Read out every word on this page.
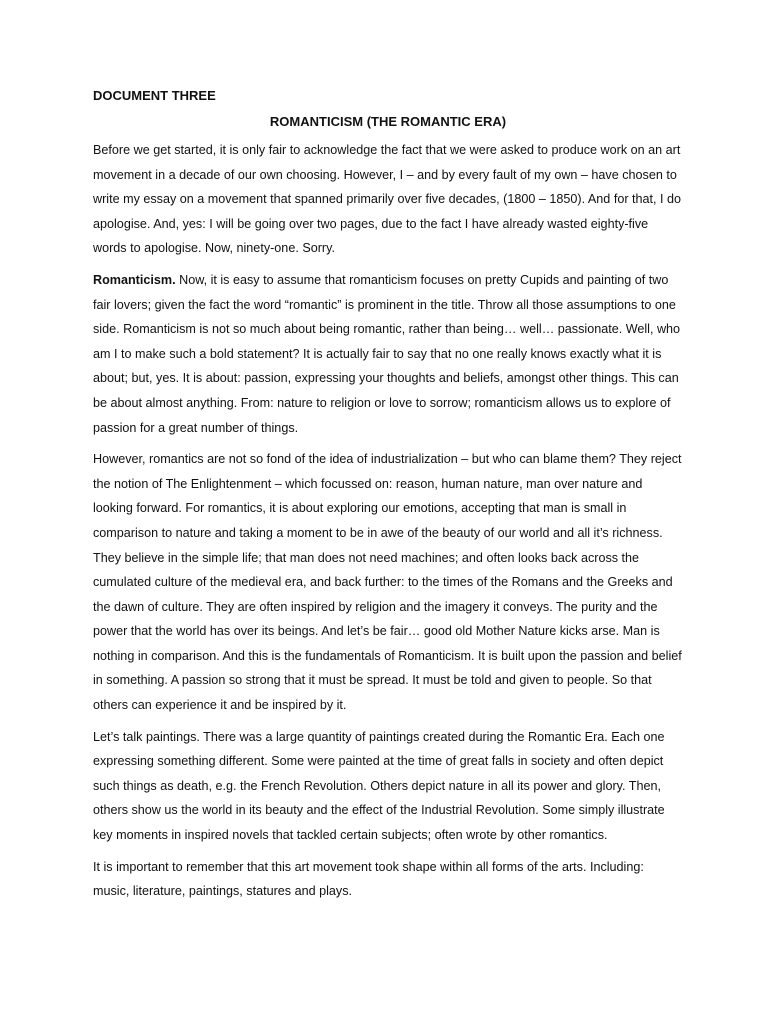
DOCUMENT THREE
ROMANTICISM (THE ROMANTIC ERA)

Before we get started, it is only fair to acknowledge the fact that we were asked to produce work on an art movement in a decade of our own choosing. However, I – and by every fault of my own – have chosen to write my essay on a movement that spanned primarily over five decades, (1800 – 1850). And for that, I do apologise. And, yes: I will be going over two pages, due to the fact I have already wasted eighty-five words to apologise. Now, ninety-one. Sorry.

Romanticism. Now, it is easy to assume that romanticism focuses on pretty Cupids and painting of two fair lovers; given the fact the word “romantic” is prominent in the title. Throw all those assumptions to one side. Romanticism is not so much about being romantic, rather than being… well… passionate. Well, who am I to make such a bold statement? It is actually fair to say that no one really knows exactly what it is about; but, yes. It is about: passion, expressing your thoughts and beliefs, amongst other things. This can be about almost anything. From: nature to religion or love to sorrow; romanticism allows us to explore of passion for a great number of things.

However, romantics are not so fond of the idea of industrialization – but who can blame them? They reject the notion of The Enlightenment – which focussed on: reason, human nature, man over nature and looking forward. For romantics, it is about exploring our emotions, accepting that man is small in comparison to nature and taking a moment to be in awe of the beauty of our world and all it’s richness. They believe in the simple life; that man does not need machines; and often looks back across the cumulated culture of the medieval era, and back further: to the times of the Romans and the Greeks and the dawn of culture. They are often inspired by religion and the imagery it conveys. The purity and the power that the world has over its beings. And let’s be fair… good old Mother Nature kicks arse. Man is nothing in comparison. And this is the fundamentals of Romanticism. It is built upon the passion and belief in something. A passion so strong that it must be spread. It must be told and given to people. So that others can experience it and be inspired by it.

Let’s talk paintings. There was a large quantity of paintings created during the Romantic Era. Each one expressing something different. Some were painted at the time of great falls in society and often depict such things as death, e.g. the French Revolution. Others depict nature in all its power and glory. Then, others show us the world in its beauty and the effect of the Industrial Revolution. Some simply illustrate key moments in inspired novels that tackled certain subjects; often wrote by other romantics.

It is important to remember that this art movement took shape within all forms of the arts. Including: music, literature, paintings, statures and plays.
